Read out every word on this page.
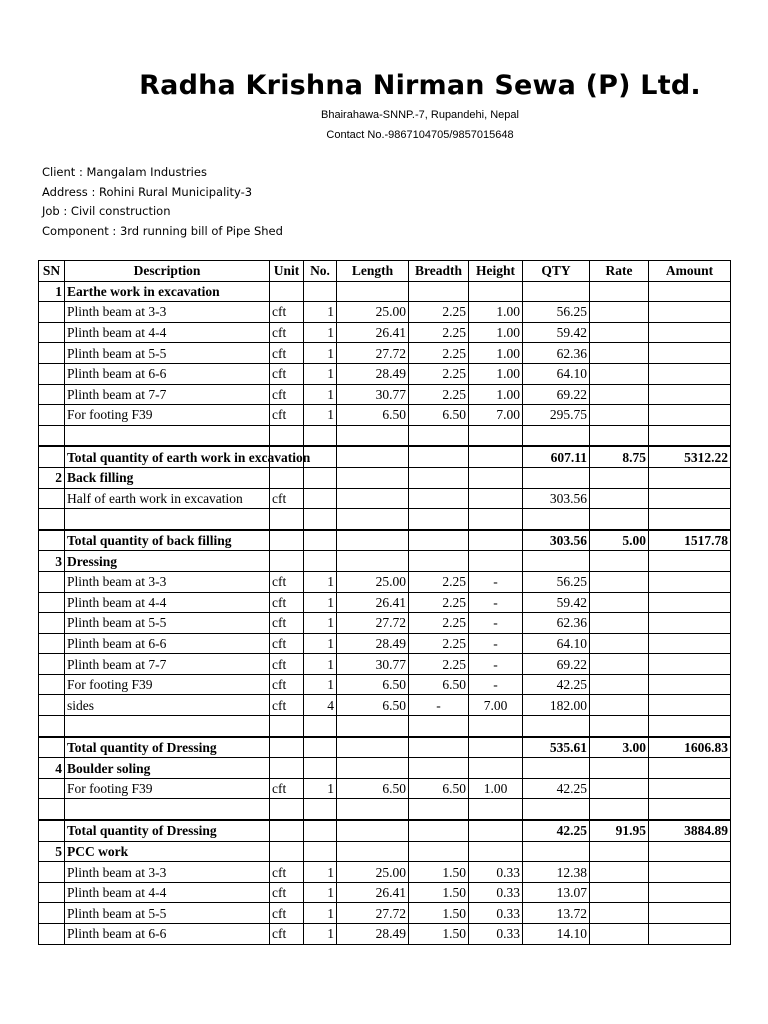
Radha Krishna Nirman Sewa (P) Ltd.
Bhairahawa-SNNP.-7, Rupandehi, Nepal
Contact No.-9867104705/9857015648
Client : Mangalam Industries
Address : Rohini Rural Municipality-3
Job : Civil construction
Component : 3rd running bill of Pipe Shed
SN	Description	Unit	No.	Length	Breadth	Height	QTY	Rate	Amount
1	Earthe work in excavation								
	Plinth beam at 3-3	cft	1	25.00	2.25	1.00	56.25		
	Plinth beam at 4-4	cft	1	26.41	2.25	1.00	59.42		
	Plinth beam at 5-5	cft	1	27.72	2.25	1.00	62.36		
	Plinth beam at 6-6	cft	1	28.49	2.25	1.00	64.10		
	Plinth beam at 7-7	cft	1	30.77	2.25	1.00	69.22		
	For footing F39	cft	1	6.50	6.50	7.00	295.75		

	Total quantity of earth work in excavation						607.11	8.75	5312.22
2	Back filling								
	Half of earth work in excavation	cft					303.56		

	Total quantity of back filling						303.56	5.00	1517.78
3	Dressing								
	Plinth beam at 3-3	cft	1	25.00	2.25	-	56.25		
	Plinth beam at 4-4	cft	1	26.41	2.25	-	59.42		
	Plinth beam at 5-5	cft	1	27.72	2.25	-	62.36		
	Plinth beam at 6-6	cft	1	28.49	2.25	-	64.10		
	Plinth beam at 7-7	cft	1	30.77	2.25	-	69.22		
	For footing F39	cft	1	6.50	6.50	-	42.25		
	sides	cft	4	6.50	-	7.00	182.00		

	Total quantity of Dressing						535.61	3.00	1606.83
4	Boulder soling								
	For footing F39	cft	1	6.50	6.50	1.00	42.25		

	Total quantity of Dressing						42.25	91.95	3884.89
5	PCC work								
	Plinth beam at 3-3	cft	1	25.00	1.50	0.33	12.38		
	Plinth beam at 4-4	cft	1	26.41	1.50	0.33	13.07		
	Plinth beam at 5-5	cft	1	27.72	1.50	0.33	13.72		
	Plinth beam at 6-6	cft	1	28.49	1.50	0.33	14.10		
